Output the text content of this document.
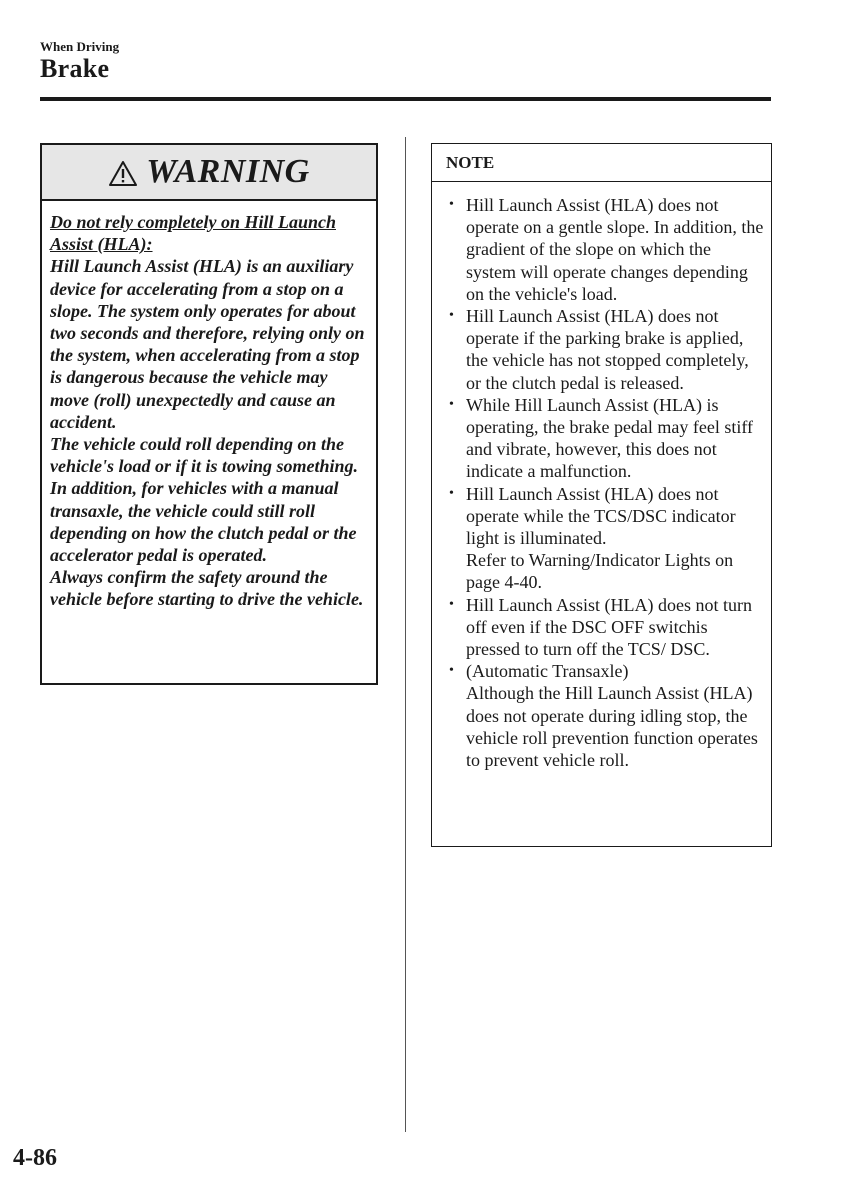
When Driving
Brake
WARNING

Do not rely completely on Hill Launch Assist (HLA):

Hill Launch Assist (HLA) is an auxiliary device for accelerating from a stop on a slope. The system only operates for about two seconds and therefore, relying only on the system, when accelerating from a stop is dangerous because the vehicle may move (roll) unexpectedly and cause an accident.

The vehicle could roll depending on the vehicle's load or if it is towing something. In addition, for vehicles with a manual transaxle, the vehicle could still roll depending on how the clutch pedal or the accelerator pedal is operated.

Always confirm the safety around the vehicle before starting to drive the vehicle.

NOTE
• Hill Launch Assist (HLA) does not operate on a gentle slope. In addition, the gradient of the slope on which the system will operate changes depending on the vehicle's load.
• Hill Launch Assist (HLA) does not operate if the parking brake is applied, the vehicle has not stopped completely, or the clutch pedal is released.
• While Hill Launch Assist (HLA) is operating, the brake pedal may feel stiff and vibrate, however, this does not indicate a malfunction.
• Hill Launch Assist (HLA) does not operate while the TCS/DSC indicator light is illuminated.
Refer to Warning/Indicator Lights on page 4-40.
• Hill Launch Assist (HLA) does not turn off even if the DSC OFF switchis pressed to turn off the TCS/ DSC.
• (Automatic Transaxle)
Although the Hill Launch Assist (HLA) does not operate during idling stop, the vehicle roll prevention function operates to prevent vehicle roll.
4-86
